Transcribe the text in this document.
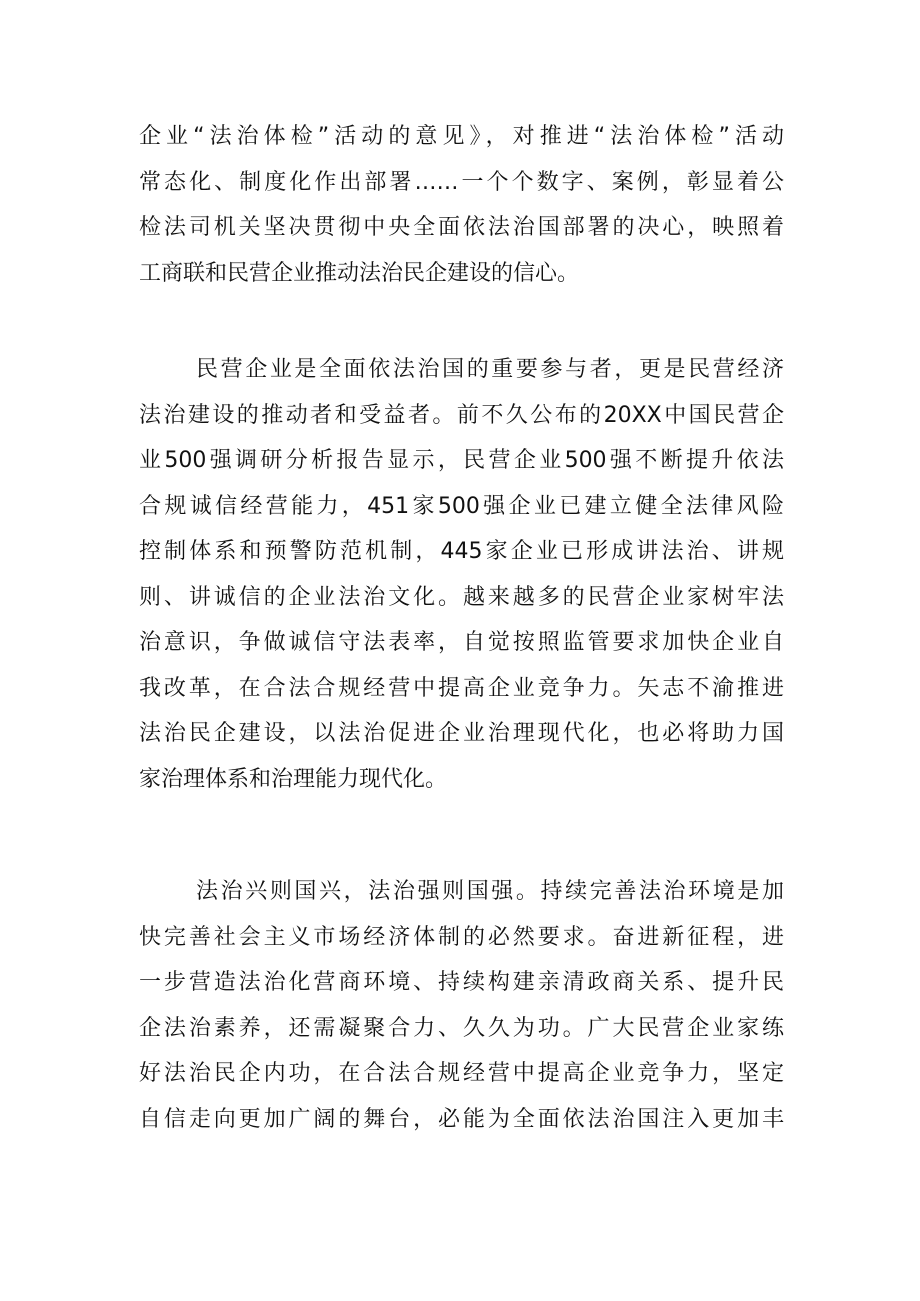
企业“法治体检”活动的意见》，对推进“法治体检”活动
常态化、制度化作出部署……一个个数字、案例，彰显着公
检法司机关坚决贯彻中央全面依法治国部署的决心，映照着
工商联和民营企业推动法治民企建设的信心。
民营企业是全面依法治国的重要参与者，更是民营经济
法治建设的推动者和受益者。前不久公布的20XX中国民营企
业500强调研分析报告显示，民营企业500强不断提升依法
合规诚信经营能力，451家500强企业已建立健全法律风险
控制体系和预警防范机制，445家企业已形成讲法治、讲规
则、讲诚信的企业法治文化。越来越多的民营企业家树牢法
治意识，争做诚信守法表率，自觉按照监管要求加快企业自
我改革，在合法合规经营中提高企业竞争力。矢志不渝推进
法治民企建设，以法治促进企业治理现代化，也必将助力国
家治理体系和治理能力现代化。
法治兴则国兴，法治强则国强。持续完善法治环境是加
快完善社会主义市场经济体制的必然要求。奋进新征程，进
一步营造法治化营商环境、持续构建亲清政商关系、提升民
企法治素养，还需凝聚合力、久久为功。广大民营企业家练
好法治民企内功，在合法合规经营中提高企业竞争力，坚定
自信走向更加广阔的舞台，必能为全面依法治国注入更加丰
